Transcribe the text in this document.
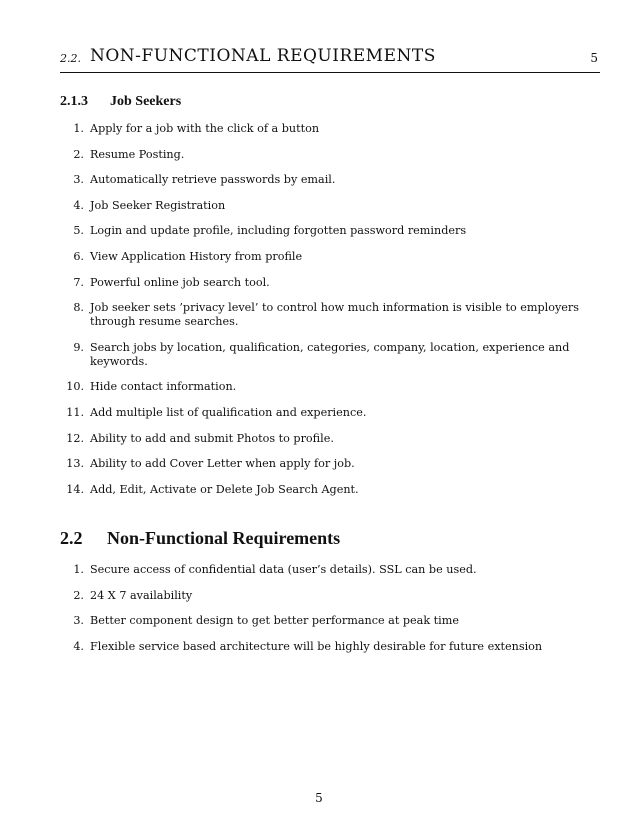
2.2. NON-FUNCTIONAL REQUIREMENTS	5
2.1.3 Job Seekers
1. Apply for a job with the click of a button
2. Resume Posting.
3. Automatically retrieve passwords by email.
4. Job Seeker Registration
5. Login and update profile, including forgotten password reminders
6. View Application History from profile
7. Powerful online job search tool.
8. Job seeker sets ’privacy level’ to control how much information is visible to employers through resume searches.
9. Search jobs by location, qualification, categories, company, location, experience and keywords.
10. Hide contact information.
11. Add multiple list of qualification and experience.
12. Ability to add and submit Photos to profile.
13. Ability to add Cover Letter when apply for job.
14. Add, Edit, Activate or Delete Job Search Agent.
2.2 Non-Functional Requirements
1. Secure access of confidential data (user’s details). SSL can be used.
2. 24 X 7 availability
3. Better component design to get better performance at peak time
4. Flexible service based architecture will be highly desirable for future extension
5
